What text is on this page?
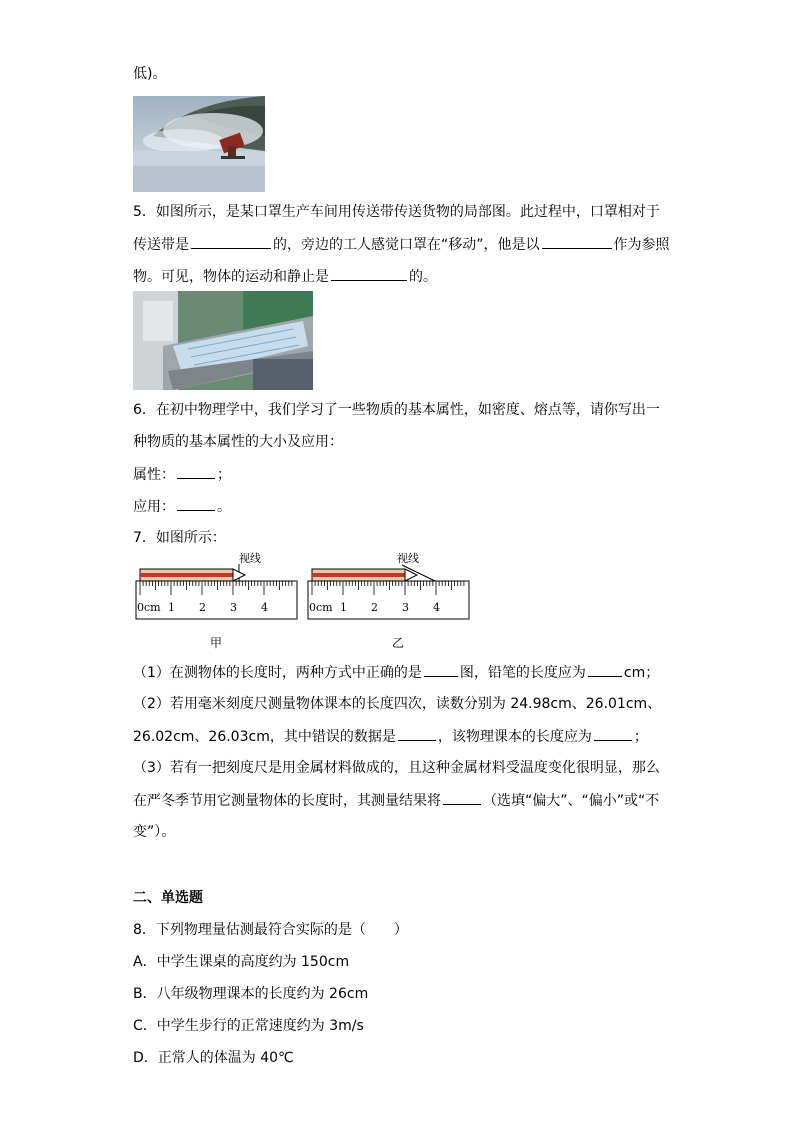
低)。
5．如图所示，是某口罩生产车间用传送带传送货物的局部图。此过程中，口罩相对于
传送带是	的，旁边的工人感觉口罩在“移动”，他是以	作为参照
物。可见，物体的运动和静止是	的。
6．在初中物理学中，我们学习了一些物质的基本属性，如密度、熔点等，请你写出一
种物质的基本属性的大小及应用：
属性：	；
应用：	。
7．如图所示：
视线
0cm 1 2 3 4
甲
视线
0cm 1 2 3 4
乙
（1）在测物体的长度时，两种方式中正确的是	图，铅笔的长度应为	cm；
（2）若用毫米刻度尺测量物体课本的长度四次，读数分别为 24.98cm、26.01cm、
26.02cm、26.03cm，其中错误的数据是	，该物理课本的长度应为	；
（3）若有一把刻度尺是用金属材料做成的，且这种金属材料受温度变化很明显，那么
在严冬季节用它测量物体的长度时，其测量结果将	（选填“偏大”、“偏小”或“不
变”）。
二、单选题
8．下列物理量估测最符合实际的是（　　）
A．中学生课桌的高度约为 150cm
B．八年级物理课本的长度约为 26cm
C．中学生步行的正常速度约为 3m/s
D．正常人的体温为 40℃
